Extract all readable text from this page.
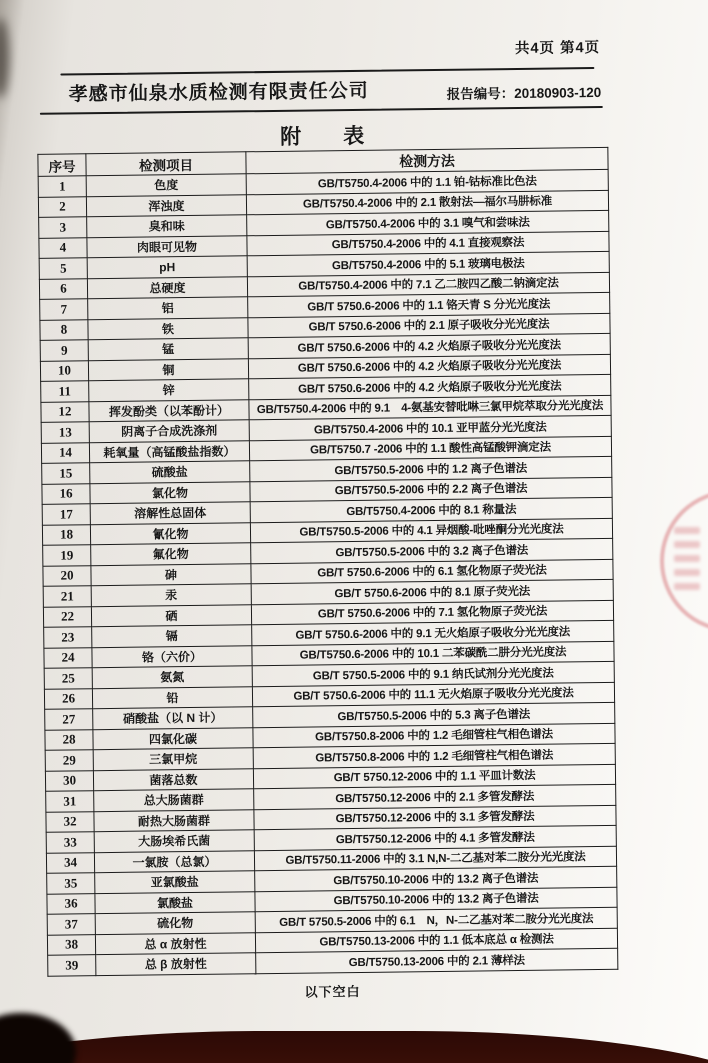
共4页 第4页
孝感市仙泉水质检测有限责任公司	报告编号：20180903-120
附　　表
序号	检测项目	检测方法
1	色度	GB/T5750.4-2006 中的 1.1 铂-钴标准比色法
2	浑浊度	GB/T5750.4-2006 中的 2.1 散射法—福尔马肼标准
3	臭和味	GB/T5750.4-2006 中的 3.1 嗅气和尝味法
4	肉眼可见物	GB/T5750.4-2006 中的 4.1 直接观察法
5	pH	GB/T5750.4-2006 中的 5.1 玻璃电极法
6	总硬度	GB/T5750.4-2006 中的 7.1 乙二胺四乙酸二钠滴定法
7	铝	GB/T 5750.6-2006 中的 1.1 铬天青 S 分光光度法
8	铁	GB/T 5750.6-2006 中的 2.1 原子吸收分光光度法
9	锰	GB/T 5750.6-2006 中的 4.2 火焰原子吸收分光光度法
10	铜	GB/T 5750.6-2006 中的 4.2 火焰原子吸收分光光度法
11	锌	GB/T 5750.6-2006 中的 4.2 火焰原子吸收分光光度法
12	挥发酚类（以苯酚计）	GB/T5750.4-2006 中的 9.1　4-氨基安替吡啉三氯甲烷萃取分光光度法
13	阴离子合成洗涤剂	GB/T5750.4-2006 中的 10.1 亚甲蓝分光光度法
14	耗氧量（高锰酸盐指数）	GB/T5750.7 -2006 中的 1.1 酸性高锰酸钾滴定法
15	硫酸盐	GB/T5750.5-2006 中的 1.2 离子色谱法
16	氯化物	GB/T5750.5-2006 中的 2.2 离子色谱法
17	溶解性总固体	GB/T5750.4-2006 中的 8.1 称量法
18	氰化物	GB/T5750.5-2006 中的 4.1 异烟酸-吡唑酮分光光度法
19	氟化物	GB/T5750.5-2006 中的 3.2 离子色谱法
20	砷	GB/T 5750.6-2006 中的 6.1 氢化物原子荧光法
21	汞	GB/T 5750.6-2006 中的 8.1 原子荧光法
22	硒	GB/T 5750.6-2006 中的 7.1 氢化物原子荧光法
23	镉	GB/T 5750.6-2006 中的 9.1 无火焰原子吸收分光光度法
24	铬（六价）	GB/T5750.6-2006 中的 10.1 二苯碳酰二肼分光光度法
25	氨氮	GB/T 5750.5-2006 中的 9.1 纳氏试剂分光光度法
26	铅	GB/T 5750.6-2006 中的 11.1 无火焰原子吸收分光光度法
27	硝酸盐（以 N 计）	GB/T5750.5-2006 中的 5.3 离子色谱法
28	四氯化碳	GB/T5750.8-2006 中的 1.2 毛细管柱气相色谱法
29	三氯甲烷	GB/T5750.8-2006 中的 1.2 毛细管柱气相色谱法
30	菌落总数	GB/T 5750.12-2006 中的 1.1 平皿计数法
31	总大肠菌群	GB/T5750.12-2006 中的 2.1 多管发酵法
32	耐热大肠菌群	GB/T5750.12-2006 中的 3.1 多管发酵法
33	大肠埃希氏菌	GB/T5750.12-2006 中的 4.1 多管发酵法
34	一氯胺（总氯）	GB/T5750.11-2006 中的 3.1 N,N-二乙基对苯二胺分光光度法
35	亚氯酸盐	GB/T5750.10-2006 中的 13.2 离子色谱法
36	氯酸盐	GB/T5750.10-2006 中的 13.2 离子色谱法
37	硫化物	GB/T 5750.5-2006 中的 6.1　N，N-二乙基对苯二胺分光光度法
38	总 α 放射性	GB/T5750.13-2006 中的 1.1 低本底总 α 检测法
39	总 β 放射性	GB/T5750.13-2006 中的 2.1 薄样法
以下空白
